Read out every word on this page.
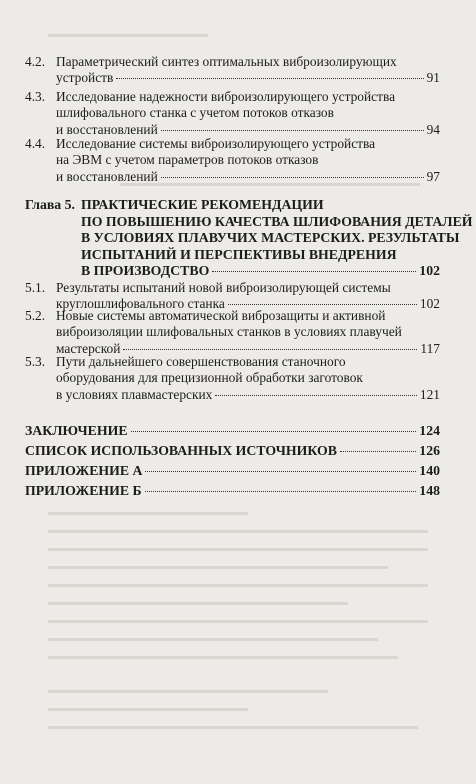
4.2. Параметрический синтез оптимальных виброизолирующих
устройств	91
4.3. Исследование надежности виброизолирующего устройства
шлифовального станка с учетом потоков отказов
и восстановлений	94
4.4. Исследование системы виброизолирующего устройства
на ЭВМ с учетом параметров потоков отказов
и восстановлений	97
Глава 5. ПРАКТИЧЕСКИЕ РЕКОМЕНДАЦИИ
ПО ПОВЫШЕНИЮ КАЧЕСТВА ШЛИФОВАНИЯ ДЕТАЛЕЙ
В УСЛОВИЯХ ПЛАВУЧИХ МАСТЕРСКИХ. РЕЗУЛЬТАТЫ
ИСПЫТАНИЙ И ПЕРСПЕКТИВЫ ВНЕДРЕНИЯ
В ПРОИЗВОДСТВО	102
5.1. Результаты испытаний новой виброизолирующей системы
круглошлифовального станка	102
5.2. Новые системы автоматической виброзащиты и активной
виброизоляции шлифовальных станков в условиях плавучей
мастерской	117
5.3. Пути дальнейшего совершенствования станочного
оборудования для прецизионной обработки заготовок
в условиях плавмастерских	121
ЗАКЛЮЧЕНИЕ	124
СПИСОК ИСПОЛЬЗОВАННЫХ ИСТОЧНИКОВ	126
ПРИЛОЖЕНИЕ А	140
ПРИЛОЖЕНИЕ Б	148
